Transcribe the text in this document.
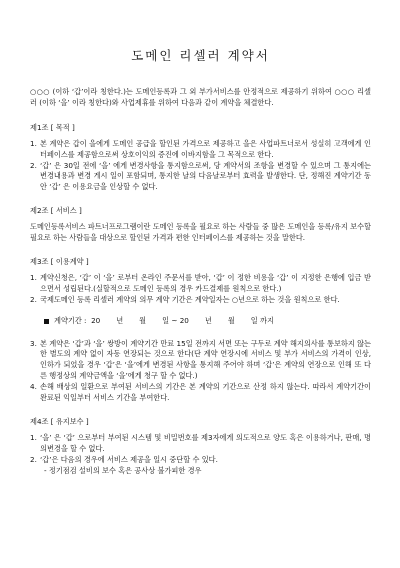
도메인 리셀러 계약서

○○○ (이하 ‘갑’이라 칭한다.)는 도메인등록과 그 외 부가서비스를 안정적으로 제공하기 위하여 ○○○ 리셀러 (이하 ‘을’ 이라 칭한다)와 사업제휴를 위하여 다음과 같이 계약을 체결한다.

제1조 [ 목적 ]

1. 본 계약은 갑이 을에게 도메인 공급을 할인된 가격으로 제공하고 을은 사업파트너로서 성실히 고객에게 인터페이스를 제공함으로써 상호이익의 증진에 이바지함을 그 목적으로 한다.
2. ‘갑’ 은 30일 전에 ‘을’ 에게 변경사항을 통지함으로써, 당 계약서의 조항을 변경할 수 있으며 그 통지에는 변경내용과 변경 게시 일이 포함되며, 통지한 날의 다음날로부터 효력을 발생한다. 단, 정해진 계약기간 동안 ‘갑’ 은 이용요금을 인상할 수 없다.

제2조 [ 서비스 ]

도메인등록서비스 파트너프로그램이란 도메인 등록을 필요로 하는 사람들 중 많은 도메인을 등록/유지 보수할 필요로 하는 사람들을 대상으로 할인된 가격과 편한 인터페이스를 제공하는 것을 말한다.

제3조 [ 이용계약 ]

1. 계약신청은, ‘갑’ 이 ‘을’ 로부터 온라인 주문서를 받아, ‘갑’ 이 정한 비용을 ‘갑’ 이 지정한 은행에 입금 받으면서 성립된다.(실할적으로 도메인 등록의 경우 카드결제를 원칙으로 한다.)
2. 국제도메인 등록 리셀러 계약의 의무 계약 기간은 계약일자는 ○년으로 하는 것을 원칙으로 한다.
계약기간 :
20
년
월
일
~
20
년
월
일
까지
3. 본 계약은 ‘갑’과 ‘을’ 쌍방이 계약기간 만료 15일 전까지 서면 또는 구두로 계약 해지의사를 통보하지 않는 한 별도의 계약 없이 자동 연장되는 것으로 한다(단 계약 연장시에 서비스 및 부가 서비스의 가격이 인상, 인하가 되었을 경우 ‘갑’은 ‘을’에게 변경된 사항을 통지해 주어야 하며 ‘갑’은 계약의 연장으로 인해 또 다른 행정상의 계약금액을 ‘을’에게 청구 할 수 없다.)
4. 손해 배상의 일환으로 부여된 서비스의 기간은 본 계약의 기간으로 산정 하지 않는다. 따라서 계약기간이 완료된 익일부터 서비스 기간을 부여한다.

제4조 [ 유지보수 ]

1. ‘을’ 은 ‘갑’ 으로부터 부여된 시스템 및 비밀번호를 제3자에게 의도적으로 양도 혹은 이용하거나, 판매, 명의변경을 할 수 없다.
2. ‘갑’은 다음의 경우에 서비스 제공을 일시 중단할 수 있다.

- 정기점검 설비의 보수 혹은 공사상 불가피한 경우
